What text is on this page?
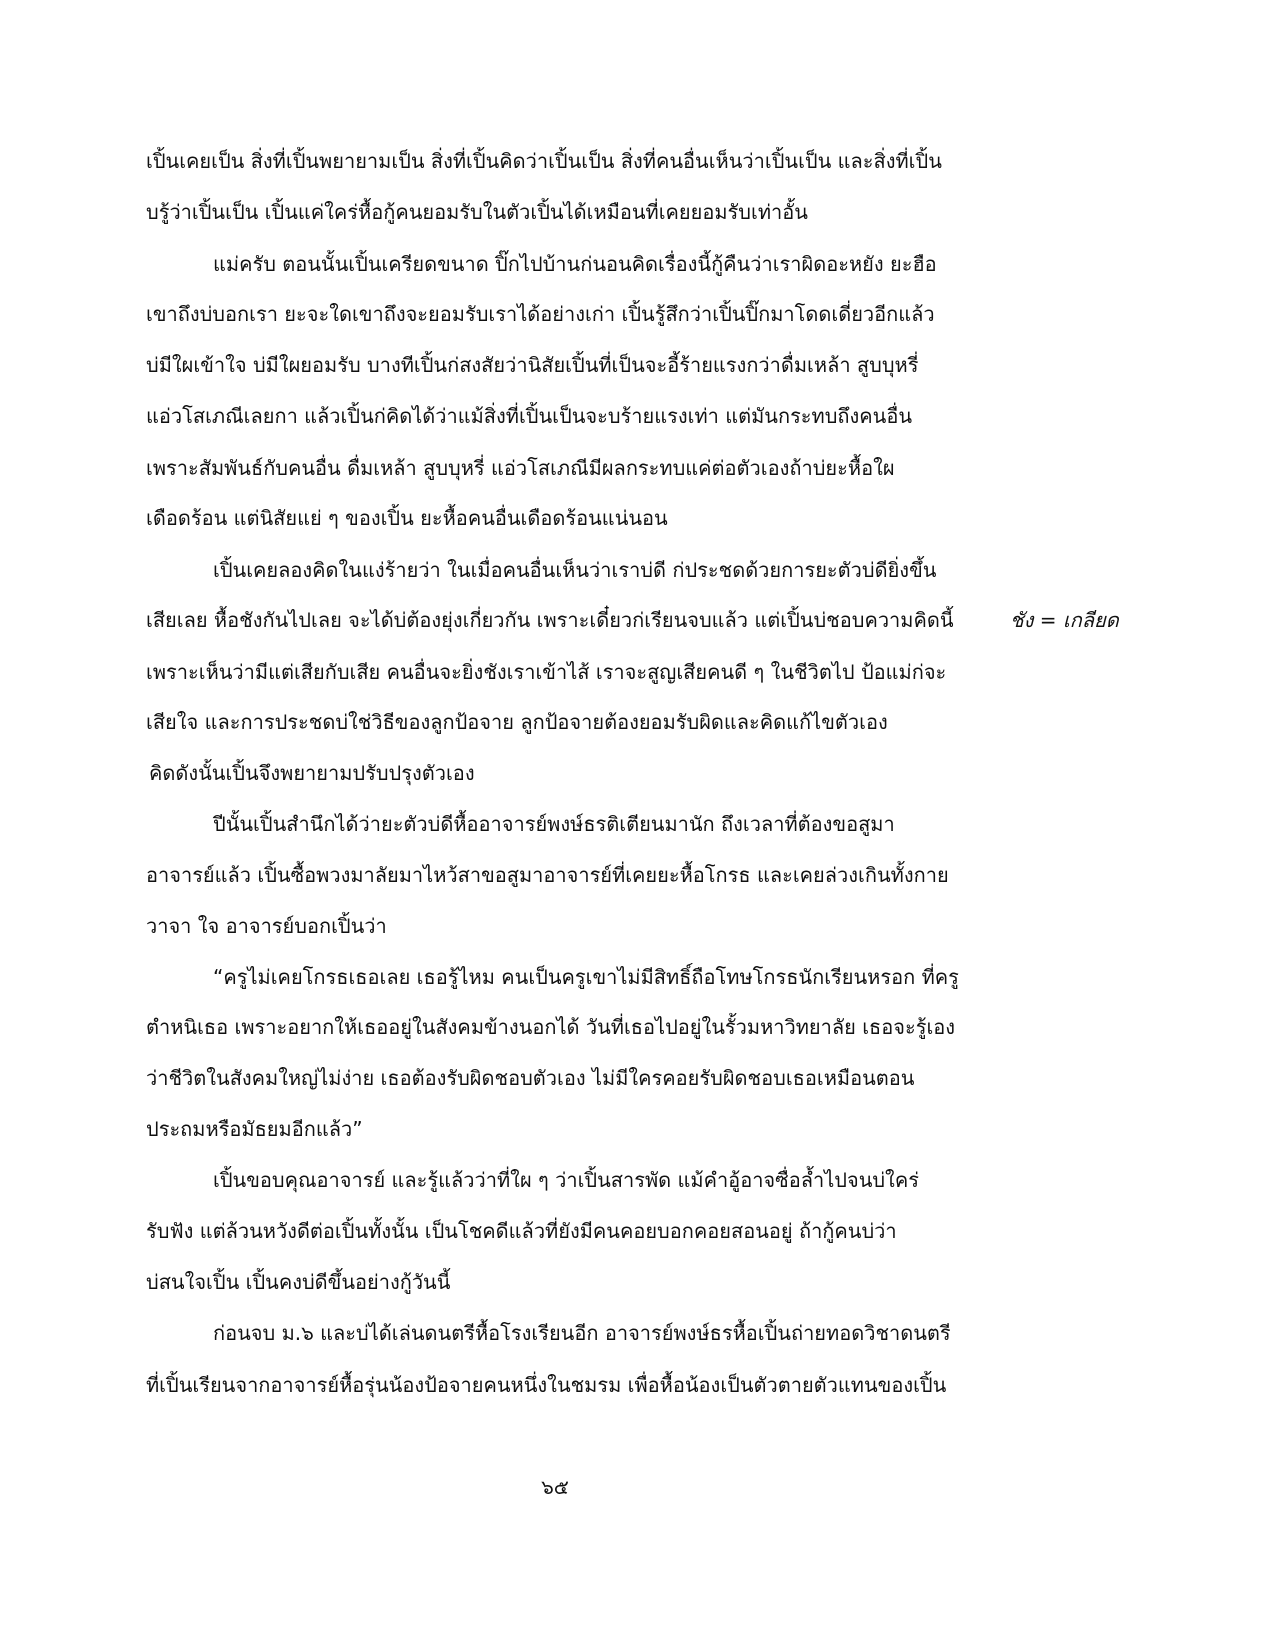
เปิ้นเคยเป็น สิ่งที่เปิ้นพยายามเป็น สิ่งที่เปิ้นคิดว่าเปิ้นเป็น สิ่งที่คนอื่นเห็นว่าเปิ้นเป็น และสิ่งที่เปิ้น
บรู้ว่าเปิ้นเป็น เปิ้นแค่ใคร่หื้อกู้คนยอมรับในตัวเปิ้นได้เหมือนที่เคยยอมรับเท่าอั้น
แม่ครับ ตอนนั้นเปิ้นเครียดขนาด ปิ๊กไปบ้านก่นอนคิดเรื่องนี้กู้คืนว่าเราผิดอะหยัง ยะฮือ
เขาถึงบ่บอกเรา ยะจะใดเขาถึงจะยอมรับเราได้อย่างเก่า เปิ้นรู้สึกว่าเปิ้นปิ๊กมาโดดเดี่ยวอีกแล้ว
บ่มีใผเข้าใจ บ่มีใผยอมรับ บางทีเปิ้นก่สงสัยว่านิสัยเปิ้นที่เป็นจะอี้ร้ายแรงกว่าดื่มเหล้า สูบบุหรี่
แอ่วโสเภณีเลยกา แล้วเปิ้นก่คิดได้ว่าแม้สิ่งที่เปิ้นเป็นจะบร้ายแรงเท่า แต่มันกระทบถึงคนอื่น
เพราะสัมพันธ์กับคนอื่น ดื่มเหล้า สูบบุหรี่ แอ่วโสเภณีมีผลกระทบแค่ต่อตัวเองถ้าบ่ยะหื้อใผ
เดือดร้อน แต่นิสัยแย่ ๆ ของเปิ้น ยะหื้อคนอื่นเดือดร้อนแน่นอน
เปิ้นเคยลองคิดในแง่ร้ายว่า ในเมื่อคนอื่นเห็นว่าเราบ่ดี ก่ประชดด้วยการยะตัวบ่ดียิ่งขึ้น
เสียเลย หื้อชังกันไปเลย จะได้บ่ต้องยุ่งเกี่ยวกัน เพราะเดี๋ยวก่เรียนจบแล้ว แต่เปิ้นบ่ชอบความคิดนี้	ชัง = เกลียด
เพราะเห็นว่ามีแต่เสียกับเสีย คนอื่นจะยิ่งชังเราเข้าไส้ เราจะสูญเสียคนดี ๆ ในชีวิตไป ป้อแม่ก่จะ
เสียใจ และการประชดบ่ใช่วิธีของลูกป้อจาย ลูกป้อจายต้องยอมรับผิดและคิดแก้ไขตัวเอง
คิดดังนั้นเปิ้นจึงพยายามปรับปรุงตัวเอง
ปีนั้นเปิ้นสำนึกได้ว่ายะตัวบ่ดีหื้ออาจารย์พงษ์ธรติเตียนมานัก ถึงเวลาที่ต้องขอสูมา
อาจารย์แล้ว เปิ้นซื้อพวงมาลัยมาไหว้สาขอสูมาอาจารย์ที่เคยยะหื้อโกรธ และเคยล่วงเกินทั้งกาย
วาจา ใจ อาจารย์บอกเปิ้นว่า
“ครูไม่เคยโกรธเธอเลย เธอรู้ไหม คนเป็นครูเขาไม่มีสิทธิ์ถือโทษโกรธนักเรียนหรอก ที่ครู
ตำหนิเธอ เพราะอยากให้เธออยู่ในสังคมข้างนอกได้ วันที่เธอไปอยู่ในรั้วมหาวิทยาลัย เธอจะรู้เอง
ว่าชีวิตในสังคมใหญ่ไม่ง่าย เธอต้องรับผิดชอบตัวเอง ไม่มีใครคอยรับผิดชอบเธอเหมือนตอน
ประถมหรือมัธยมอีกแล้ว”
เปิ้นขอบคุณอาจารย์ และรู้แล้วว่าที่ใผ ๆ ว่าเปิ้นสารพัด แม้คำอู้อาจซื่อล้ำไปจนบ่ใคร่
รับฟัง แต่ล้วนหวังดีต่อเปิ้นทั้งนั้น เป็นโชคดีแล้วที่ยังมีคนคอยบอกคอยสอนอยู่ ถ้ากู้คนบ่ว่า
บ่สนใจเปิ้น เปิ้นคงบ่ดีขึ้นอย่างกู้วันนี้
ก่อนจบ ม.๖ และบ่ได้เล่นดนตรีหื้อโรงเรียนอีก อาจารย์พงษ์ธรหื้อเปิ้นถ่ายทอดวิชาดนตรี
ที่เปิ้นเรียนจากอาจารย์หื้อรุ่นน้องป้อจายคนหนึ่งในชมรม เพื่อหื้อน้องเป็นตัวตายตัวแทนของเปิ้น
๖๕
